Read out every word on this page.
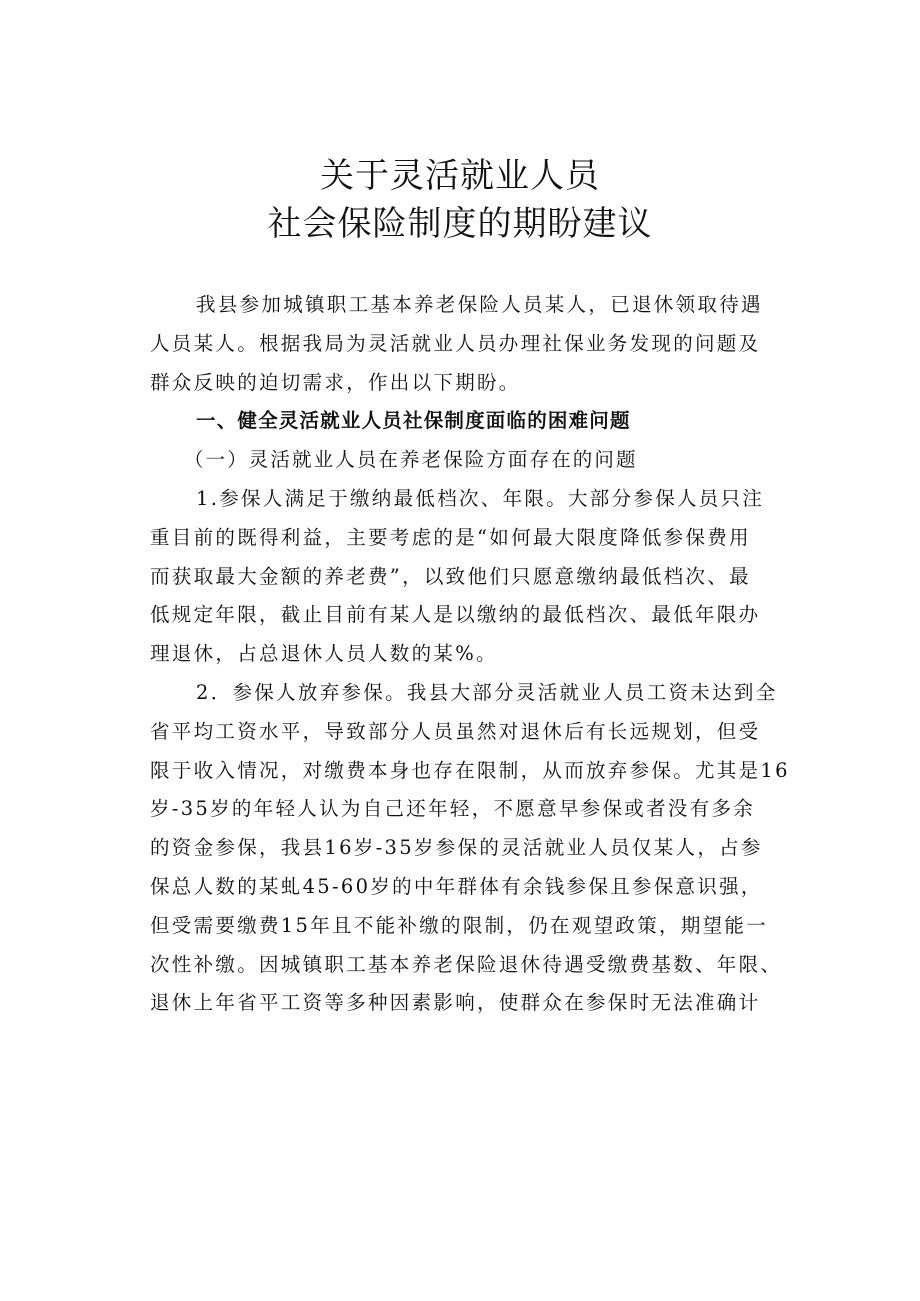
关于灵活就业人员
社会保险制度的期盼建议
我县参加城镇职工基本养老保险人员某人，已退休领取待遇
人员某人。根据我局为灵活就业人员办理社保业务发现的问题及
群众反映的迫切需求，作出以下期盼。
一、健全灵活就业人员社保制度面临的困难问题
（一）灵活就业人员在养老保险方面存在的问题
1.参保人满足于缴纳最低档次、年限。大部分参保人员只注
重目前的既得利益，主要考虑的是“如何最大限度降低参保费用
而获取最大金额的养老费”，以致他们只愿意缴纳最低档次、最
低规定年限，截止目前有某人是以缴纳的最低档次、最低年限办
理退休，占总退休人员人数的某%。
2．参保人放弃参保。我县大部分灵活就业人员工资未达到全
省平均工资水平，导致部分人员虽然对退休后有长远规划，但受
限于收入情况，对缴费本身也存在限制，从而放弃参保。尤其是16
岁-35岁的年轻人认为自己还年轻，不愿意早参保或者没有多余
的资金参保，我县16岁-35岁参保的灵活就业人员仅某人，占参
保总人数的某虬45-60岁的中年群体有余钱参保且参保意识强，
但受需要缴费15年且不能补缴的限制，仍在观望政策，期望能一
次性补缴。因城镇职工基本养老保险退休待遇受缴费基数、年限、
退休上年省平工资等多种因素影响，使群众在参保时无法准确计
